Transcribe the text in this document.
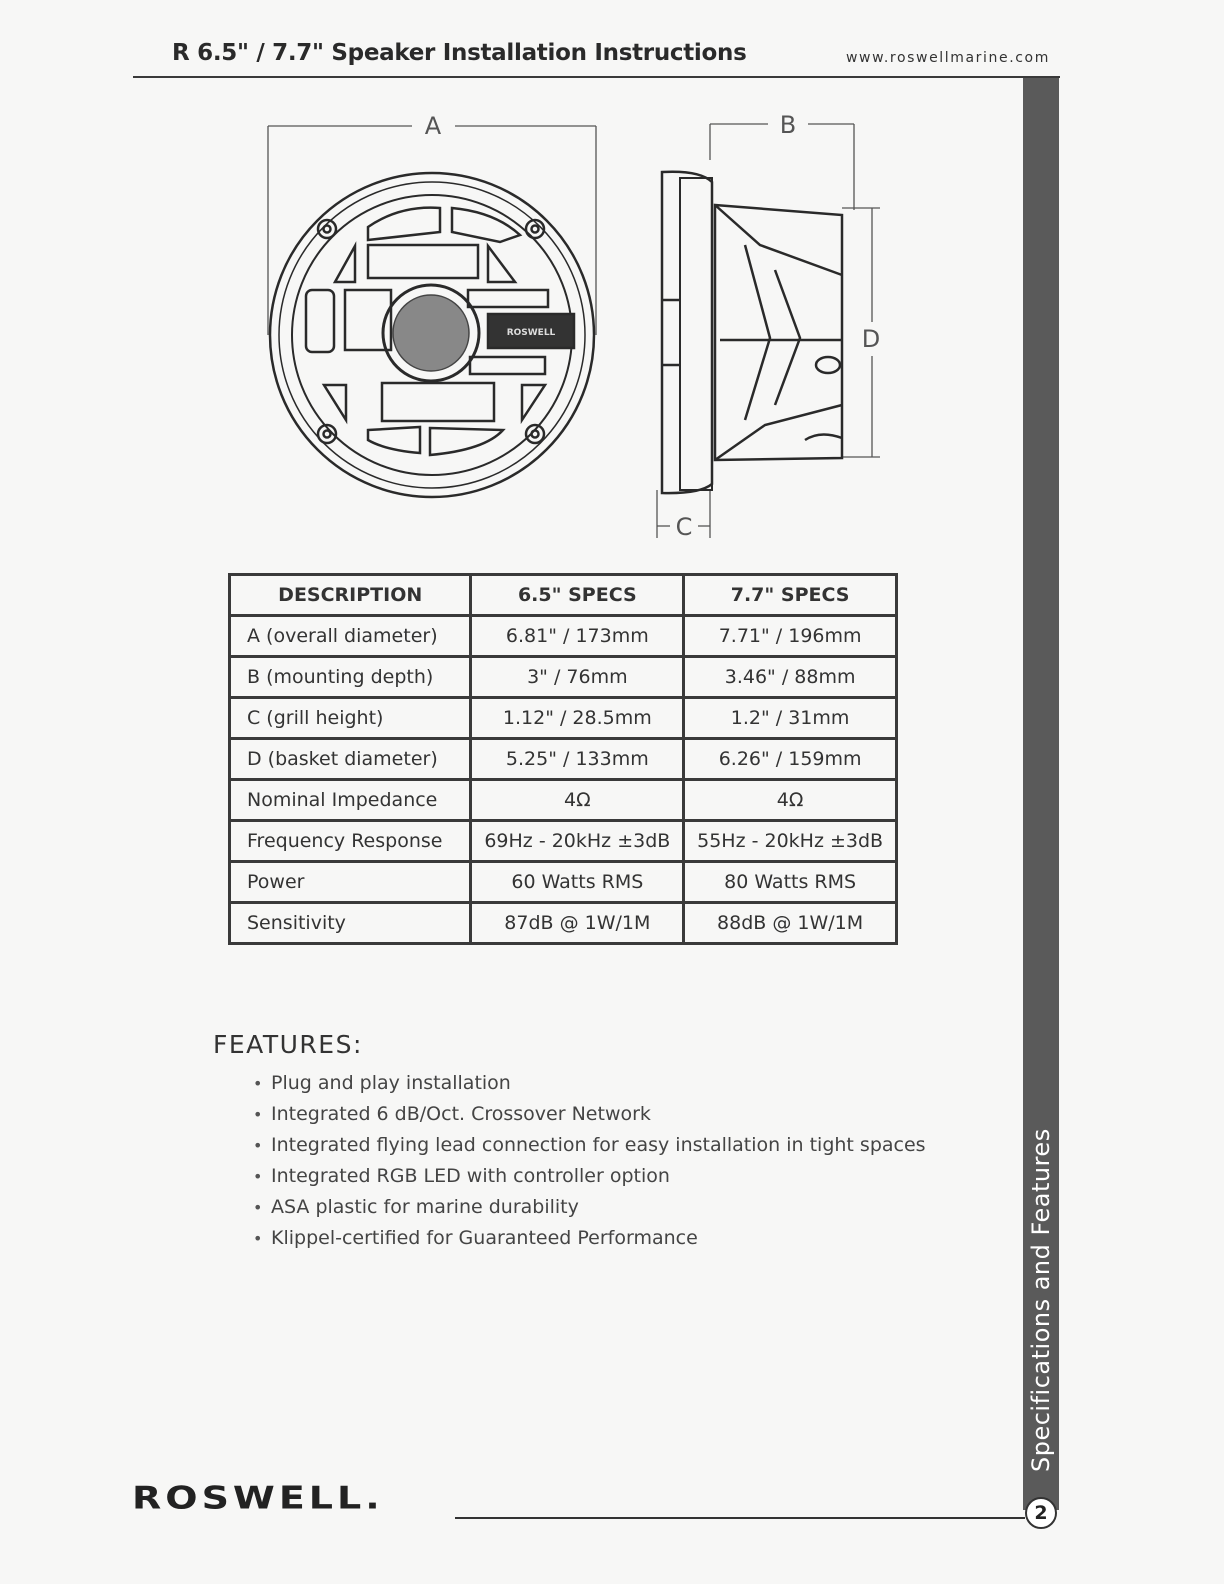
R 6.5" / 7.7" Speaker Installation Instructions	www.roswellmarine.com
Specifications and Features
2
A	B
C
D
ROSWELL
DESCRIPTION	6.5" SPECS	7.7" SPECS
A (overall diameter)	6.81" / 173mm	7.71" / 196mm
B (mounting depth)	3" / 76mm	3.46" / 88mm
C (grill height)	1.12" / 28.5mm	1.2" / 31mm
D (basket diameter)	5.25" / 133mm	6.26" / 159mm
Nominal Impedance	4Ω	4Ω
Frequency Response	69Hz - 20kHz ±3dB	55Hz - 20kHz ±3dB
Power	60 Watts RMS	80 Watts RMS
Sensitivity	87dB @ 1W/1M	88dB @ 1W/1M
FEATURES:
• Plug and play installation
• Integrated 6 dB/Oct. Crossover Network
• Integrated flying lead connection for easy installation in tight spaces
• Integrated RGB LED with controller option
• ASA plastic for marine durability
• Klippel-certified for Guaranteed Performance
ROSWELL.
